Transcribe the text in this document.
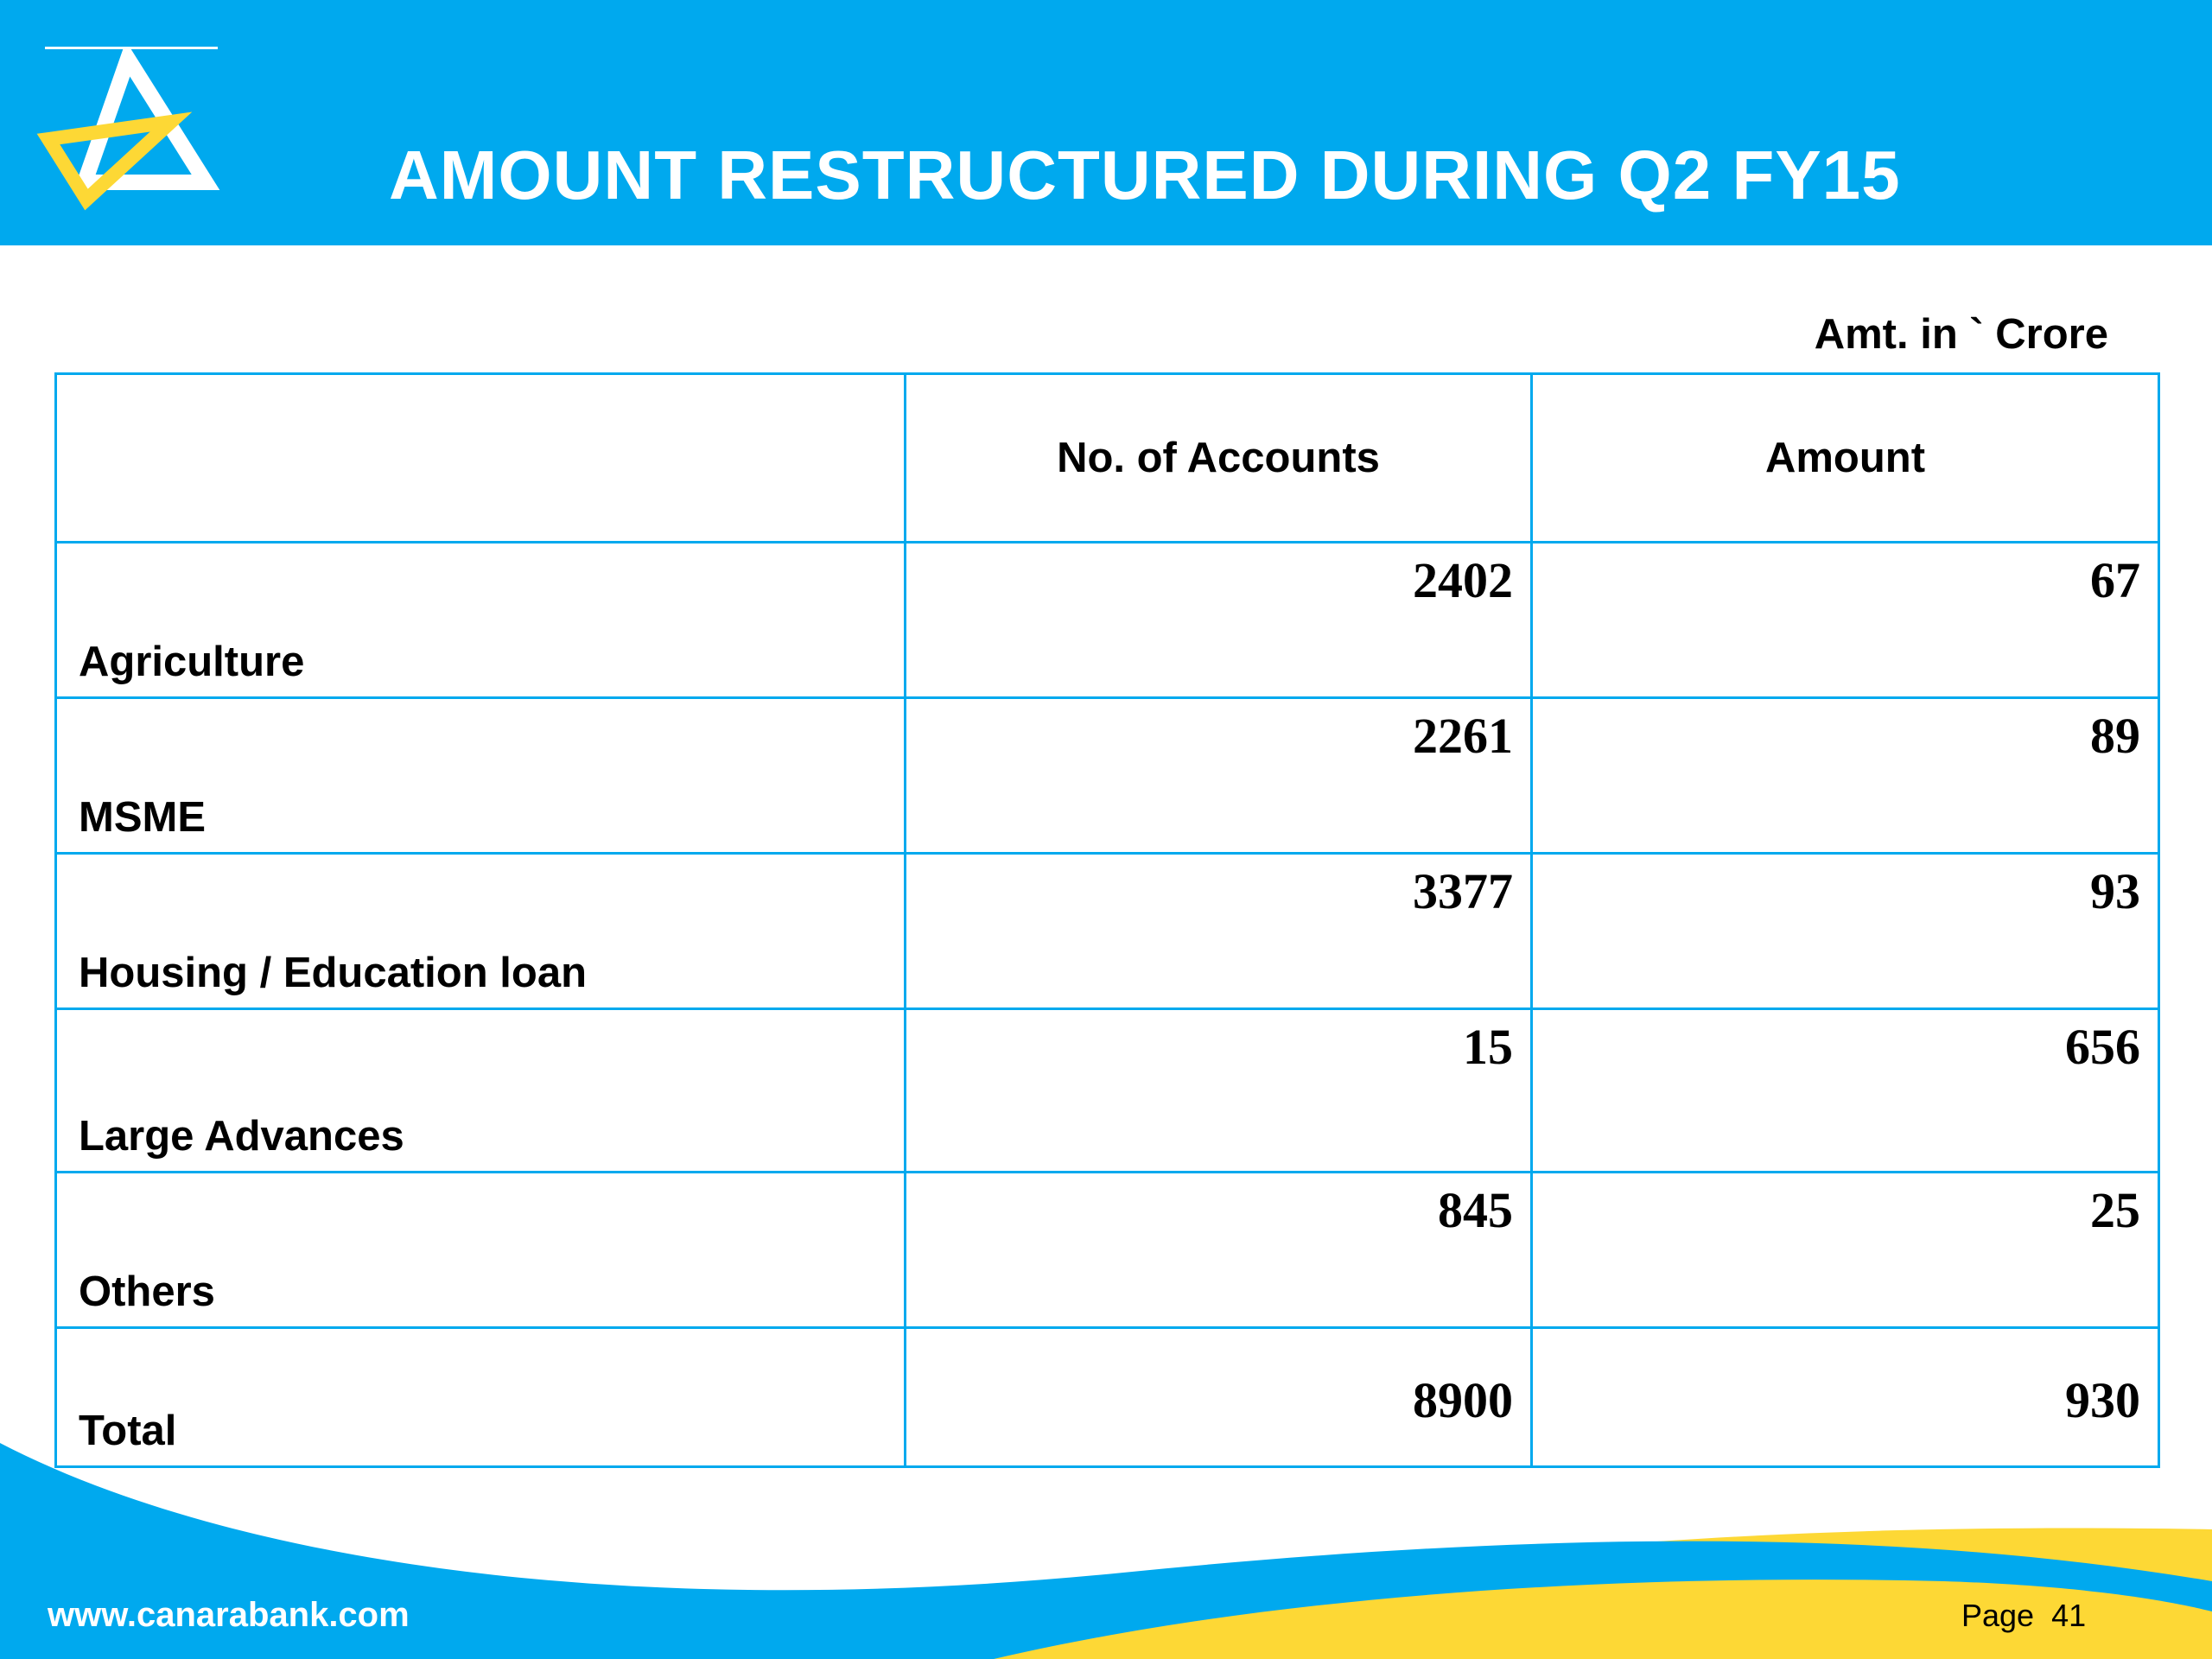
AMOUNT RESTRUCTURED DURING Q2 FY15
Amt. in ` Crore
	No. of Accounts	Amount

Agriculture	2402	67

MSME	2261	89

Housing / Education loan	3377	93

Large Advances	15	656

Others	845	25

Total	8900	930
www.canarabank.com	Page 41
